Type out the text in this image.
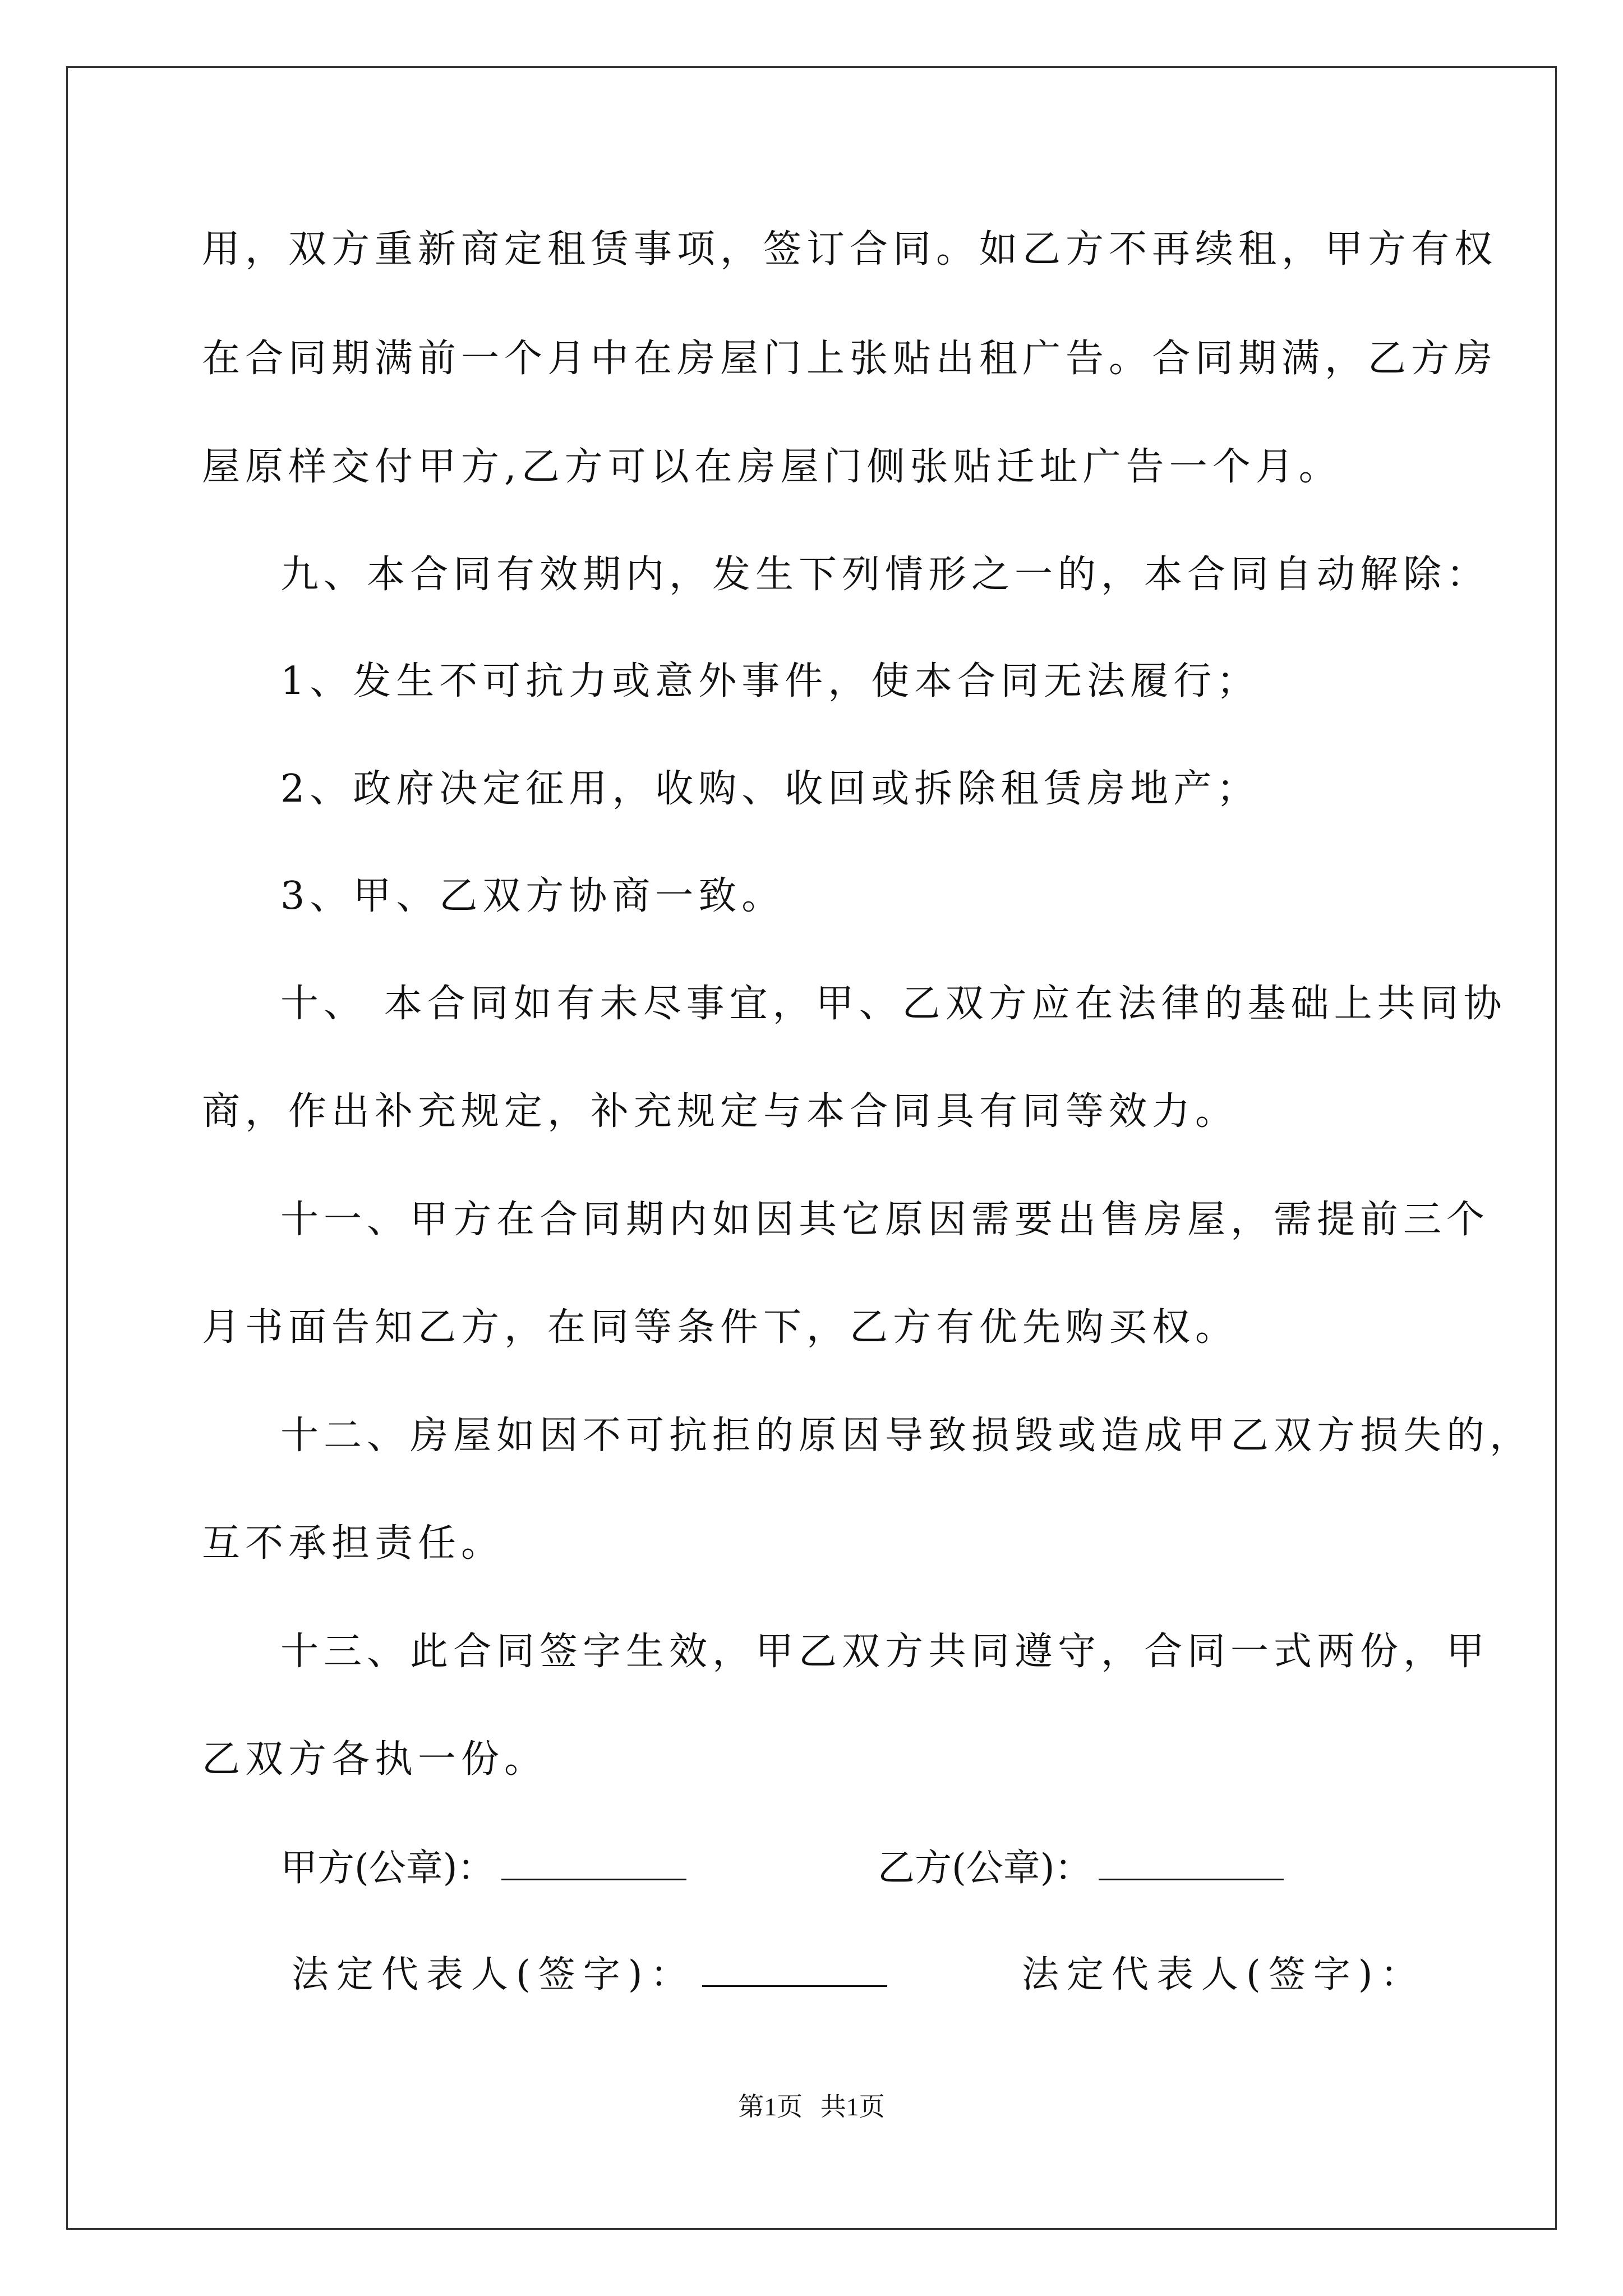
用，双方重新商定租赁事项，签订合同。如乙方不再续租，甲方有权
在合同期满前一个月中在房屋门上张贴出租广告。合同期满，乙方房
屋原样交付甲方,乙方可以在房屋门侧张贴迁址广告一个月。
九、本合同有效期内，发生下列情形之一的，本合同自动解除：
1、发生不可抗力或意外事件，使本合同无法履行；
2、政府决定征用，收购、收回或拆除租赁房地产；
3、甲、乙双方协商一致。
十、 本合同如有未尽事宜，甲、乙双方应在法律的基础上共同协
商，作出补充规定，补充规定与本合同具有同等效力。
十一、甲方在合同期内如因其它原因需要出售房屋，需提前三个
月书面告知乙方，在同等条件下，乙方有优先购买权。
十二、房屋如因不可抗拒的原因导致损毁或造成甲乙双方损失的，
互不承担责任。
十三、此合同签字生效，甲乙双方共同遵守，合同一式两份，甲
乙双方各执一份。
甲方(公章)：	乙方(公章)：
法定代表人(签字)：	法定代表人(签字)：
第1页 共1页
